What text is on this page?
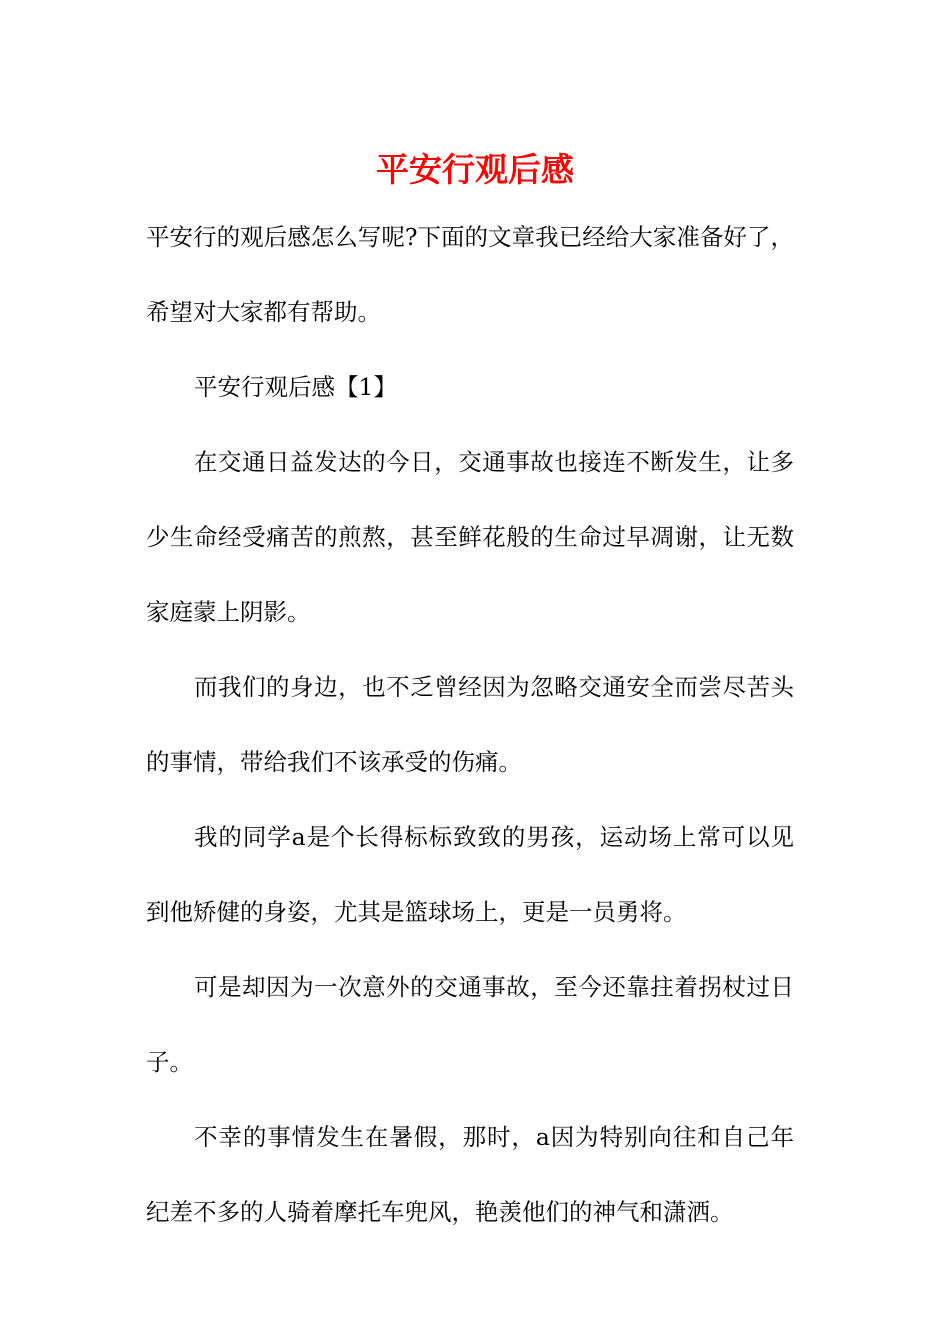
平安行观后感

平安行的观后感怎么写呢?下面的文章我已经给大家准备好了，希望对大家都有帮助。

平安行观后感【1】

在交通日益发达的今日，交通事故也接连不断发生，让多少生命经受痛苦的煎熬，甚至鲜花般的生命过早凋谢，让无数家庭蒙上阴影。

而我们的身边，也不乏曾经因为忽略交通安全而尝尽苦头的事情，带给我们不该承受的伤痛。

我的同学a是个长得标标致致的男孩，运动场上常可以见到他矫健的身姿，尤其是篮球场上，更是一员勇将。

可是却因为一次意外的交通事故，至今还靠拄着拐杖过日子。

不幸的事情发生在暑假，那时，a因为特别向往和自己年纪差不多的人骑着摩托车兜风，艳羡他们的神气和潇洒。
